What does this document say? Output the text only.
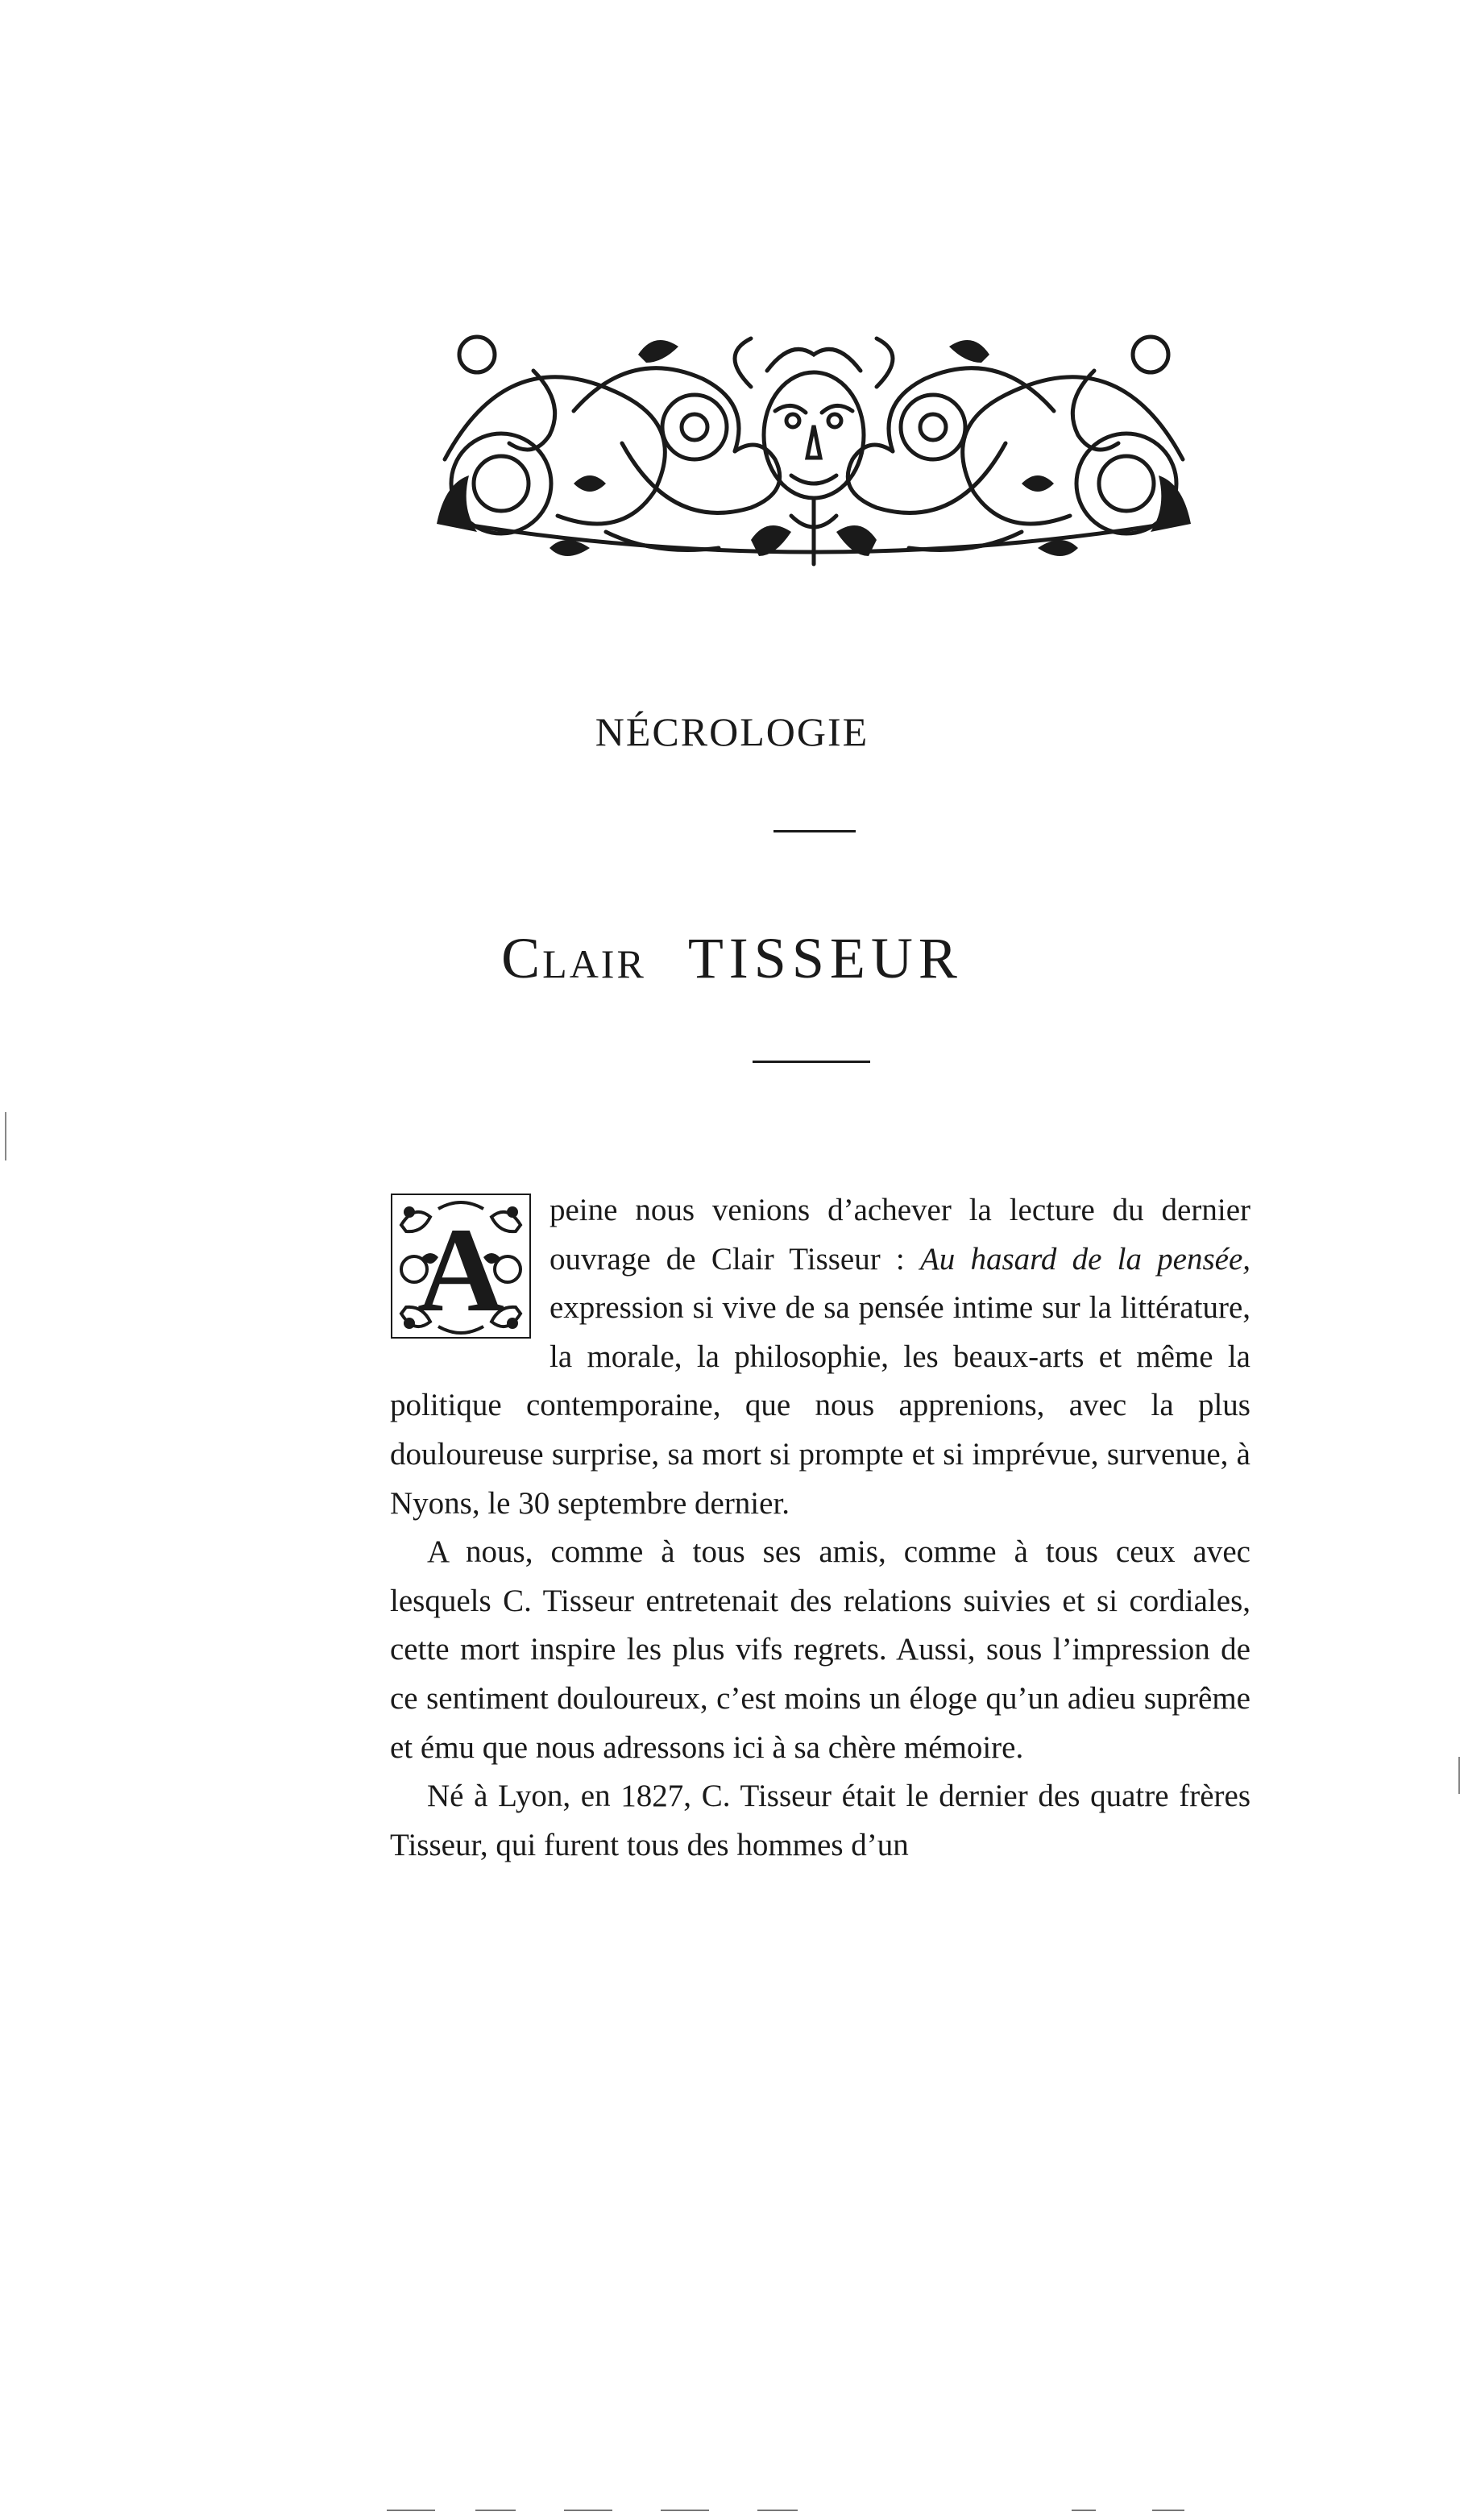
NÉCROLOGIE
Clair TISSEUR
A	peine nous venions d’achever la lecture du dernier ouvrage de Clair Tisseur : Au hasard de la pensée, expression si vive de sa pensée intime sur la littérature, la morale, la philosophie, les beaux-arts et même la politique contemporaine, que nous apprenions, avec la plus douloureuse surprise, sa mort si prompte et si imprévue, survenue, à Nyons, le 30 septembre dernier.

A nous, comme à tous ses amis, comme à tous ceux avec lesquels C. Tisseur entretenait des relations suivies et si cordiales, cette mort inspire les plus vifs regrets. Aussi, sous l’impression de ce sentiment douloureux, c’est moins un éloge qu’un adieu suprême et ému que nous adressons ici à sa chère mémoire.

Né à Lyon, en 1827, C. Tisseur était le dernier des quatre frères Tisseur, qui furent tous des hommes d’un
